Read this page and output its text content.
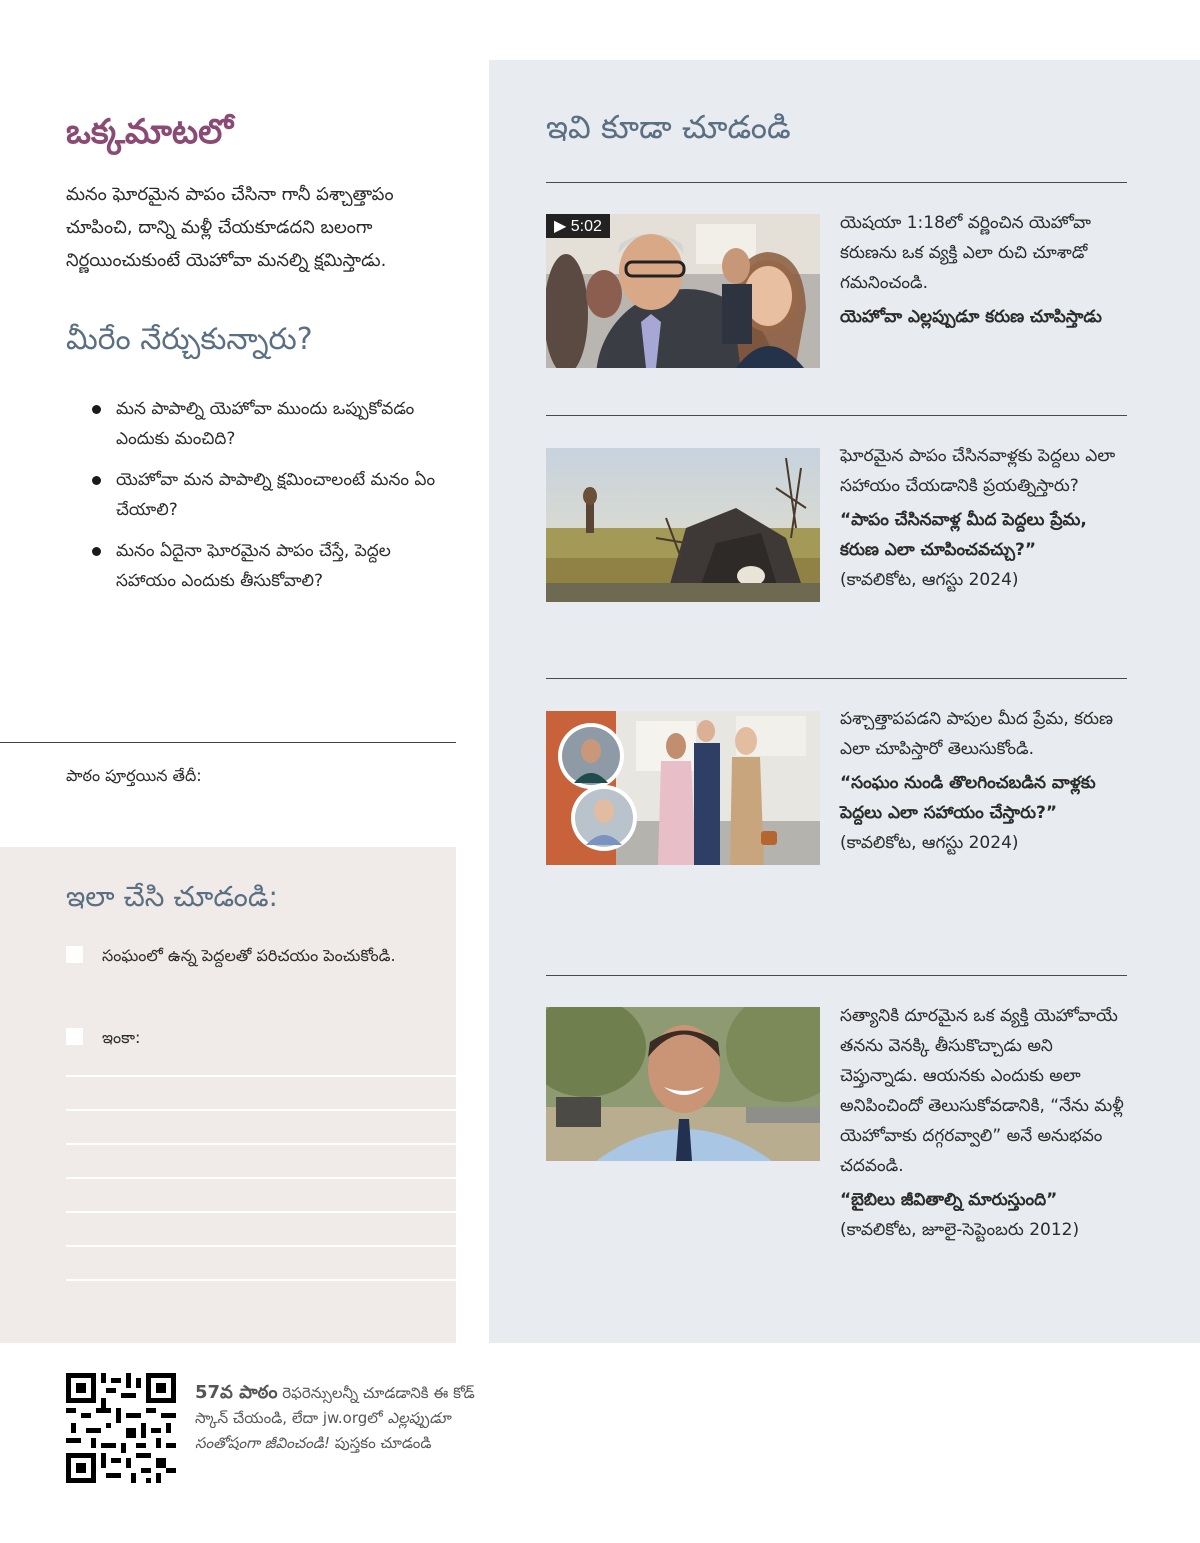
ఒక్కమాటలో

మనం ఘోరమైన పాపం చేసినా గానీ పశ్చాత్తాపం చూపించి, దాన్ని మళ్లీ చేయకూడదని బలంగా నిర్ణయించుకుంటే యెహోవా మనల్ని క్షమిస్తాడు.

మీరేం నేర్చుకున్నారు?
మన పాపాల్ని యెహోవా ముందు ఒప్పుకోవడం ఎందుకు మంచిది?
యెహోవా మన పాపాల్ని క్షమించాలంటే మనం ఏం చేయాలి?
మనం ఏదైనా ఘోరమైన పాపం చేస్తే, పెద్దల సహాయం ఎందుకు తీసుకోవాలి?

పాఠం పూర్తయిన తేదీ:

ఇలా చేసి చూడండి:
సంఘంలో ఉన్న పెద్దలతో పరిచయం పెంచుకోండి.
ఇంకా:
ఇవి కూడా చూడండి
▶ 5:02	యెషయా 1:18లో వర్ణించిన యెహోవా కరుణను ఒక వ్యక్తి ఎలా రుచి చూశాడో గమనించండి.

యెహోవా ఎల్లప్పుడూ కరుణ చూపిస్తాడు

ఘోరమైన పాపం చేసినవాళ్లకు పెద్దలు ఎలా సహాయం చేయడానికి ప్రయత్నిస్తారు?

“పాపం చేసినవాళ్ల మీద పెద్దలు ప్రేమ, కరుణ ఎలా చూపించవచ్చు?”

(కావలికోట, ఆగస్టు 2024)

పశ్చాత్తాపపడని పాపుల మీద ప్రేమ, కరుణ ఎలా చూపిస్తారో తెలుసుకోండి.

“సంఘం నుండి తొలగించబడిన వాళ్లకు పెద్దలు ఎలా సహాయం చేస్తారు?”

(కావలికోట, ఆగస్టు 2024)

సత్యానికి దూరమైన ఒక వ్యక్తి యెహోవాయే తనను వెనక్కి తీసుకొచ్చాడు అని చెప్తున్నాడు. ఆయనకు ఎందుకు అలా అనిపించిందో తెలుసుకోవడానికి, “నేను మళ్లీ యెహోవాకు దగ్గరవ్వాలి” అనే అనుభవం చదవండి.

“బైబిలు జీవితాల్ని మారుస్తుంది”

(కావలికోట, జూలై-సెప్టెంబరు 2012)

57వ పాఠం రెఫరెన్సులన్నీ చూడడానికి ఈ కోడ్ స్కాన్ చేయండి, లేదా jw.orgలో ఎల్లప్పుడూ సంతోషంగా జీవించండి! పుస్తకం చూడండి
